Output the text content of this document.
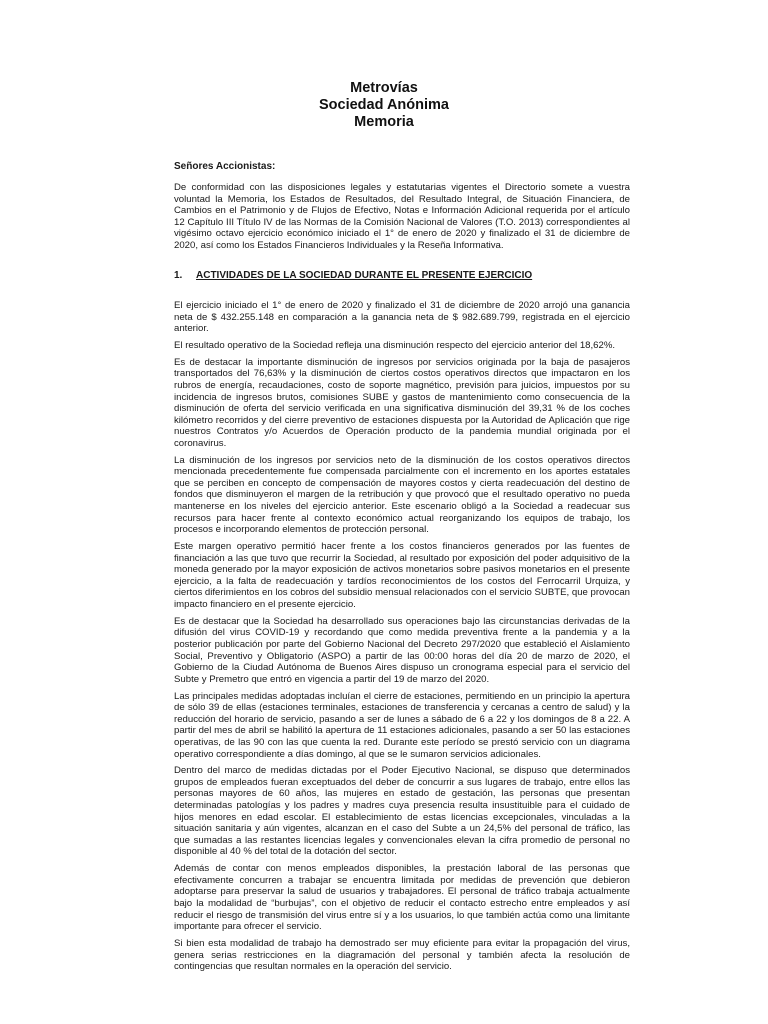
Metrovías
Sociedad Anónima
Memoria
Señores Accionistas:
De conformidad con las disposiciones legales y estatutarias vigentes el Directorio somete a vuestra voluntad la Memoria, los Estados de Resultados, del Resultado Integral, de Situación Financiera, de Cambios en el Patrimonio y de Flujos de Efectivo, Notas e Información Adicional requerida por el artículo 12 Capítulo III Título IV de las Normas de la Comisión Nacional de Valores (T.O. 2013) correspondientes al vigésimo octavo ejercicio económico iniciado el 1° de enero de 2020 y finalizado el 31 de diciembre de 2020, así como los Estados Financieros Individuales y la Reseña Informativa.
1. ACTIVIDADES DE LA SOCIEDAD DURANTE EL PRESENTE EJERCICIO

El ejercicio iniciado el 1° de enero de 2020 y finalizado el 31 de diciembre de 2020 arrojó una ganancia neta de $ 432.255.148 en comparación a la ganancia neta de $ 982.689.799, registrada en el ejercicio anterior.

El resultado operativo de la Sociedad refleja una disminución respecto del ejercicio anterior del 18,62%.

Es de destacar la importante disminución de ingresos por servicios originada por la baja de pasajeros transportados del 76,63% y la disminución de ciertos costos operativos directos que impactaron en los rubros de energía, recaudaciones, costo de soporte magnético, previsión para juicios, impuestos por su incidencia de ingresos brutos, comisiones SUBE y gastos de mantenimiento como consecuencia de la disminución de oferta del servicio verificada en una significativa disminución del 39,31 % de los coches kilómetro recorridos y del cierre preventivo de estaciones dispuesta por la Autoridad de Aplicación que rige nuestros Contratos y/o Acuerdos de Operación producto de la pandemia mundial originada por el coronavirus.

La disminución de los ingresos por servicios neto de la disminución de los costos operativos directos mencionada precedentemente fue compensada parcialmente con el incremento en los aportes estatales que se perciben en concepto de compensación de mayores costos y cierta readecuación del destino de fondos que disminuyeron el margen de la retribución y que provocó que el resultado operativo no pueda mantenerse en los niveles del ejercicio anterior. Este escenario obligó a la Sociedad a readecuar sus recursos para hacer frente al contexto económico actual reorganizando los equipos de trabajo, los procesos e incorporando elementos de protección personal.

Este margen operativo permitió hacer frente a los costos financieros generados por las fuentes de financiación a las que tuvo que recurrir la Sociedad, al resultado por exposición del poder adquisitivo de la moneda generado por la mayor exposición de activos monetarios sobre pasivos monetarios en el presente ejercicio, a la falta de readecuación y tardíos reconocimientos de los costos del Ferrocarril Urquiza, y ciertos diferimientos en los cobros del subsidio mensual relacionados con el servicio SUBTE, que provocan impacto financiero en el presente ejercicio.

Es de destacar que la Sociedad ha desarrollado sus operaciones bajo las circunstancias derivadas de la difusión del virus COVID-19 y recordando que como medida preventiva frente a la pandemia y a la posterior publicación por parte del Gobierno Nacional del Decreto 297/2020 que estableció el Aislamiento Social, Preventivo y Obligatorio (ASPO) a partir de las 00:00 horas del día 20 de marzo de 2020, el Gobierno de la Ciudad Autónoma de Buenos Aires dispuso un cronograma especial para el servicio del Subte y Premetro que entró en vigencia a partir del 19 de marzo del 2020.

Las principales medidas adoptadas incluían el cierre de estaciones, permitiendo en un principio la apertura de sólo 39 de ellas (estaciones terminales, estaciones de transferencia y cercanas a centro de salud) y la reducción del horario de servicio, pasando a ser de lunes a sábado de 6 a 22 y los domingos de 8 a 22. A partir del mes de abril se habilitó la apertura de 11 estaciones adicionales, pasando a ser 50 las estaciones operativas, de las 90 con las que cuenta la red. Durante este período se prestó servicio con un diagrama operativo correspondiente a días domingo, al que se le sumaron servicios adicionales.

Dentro del marco de medidas dictadas por el Poder Ejecutivo Nacional, se dispuso que determinados grupos de empleados fueran exceptuados del deber de concurrir a sus lugares de trabajo, entre ellos las personas mayores de 60 años, las mujeres en estado de gestación, las personas que presentan determinadas patologías y los padres y madres cuya presencia resulta insustituible para el cuidado de hijos menores en edad escolar. El establecimiento de estas licencias excepcionales, vinculadas a la situación sanitaria y aún vigentes, alcanzan en el caso del Subte a un 24,5% del personal de tráfico, las que sumadas a las restantes licencias legales y convencionales elevan la cifra promedio de personal no disponible al 40 % del total de la dotación del sector.

Además de contar con menos empleados disponibles, la prestación laboral de las personas que efectivamente concurren a trabajar se encuentra limitada por medidas de prevención que debieron adoptarse para preservar la salud de usuarios y trabajadores. El personal de tráfico trabaja actualmente bajo la modalidad de “burbujas”, con el objetivo de reducir el contacto estrecho entre empleados y así reducir el riesgo de transmisión del virus entre sí y a los usuarios, lo que también actúa como una limitante importante para ofrecer el servicio.

Si bien esta modalidad de trabajo ha demostrado ser muy eficiente para evitar la propagación del virus, genera serias restricciones en la diagramación del personal y también afecta la resolución de contingencias que resultan normales en la operación del servicio.
